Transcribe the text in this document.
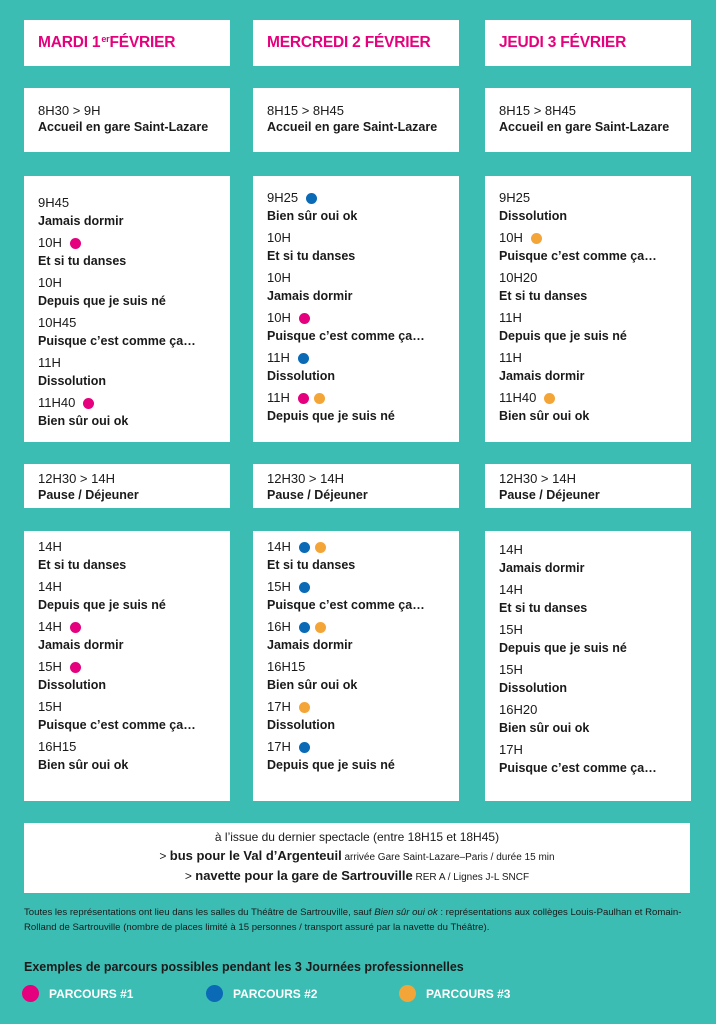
MARDI 1er FÉVRIER
8H30 > 9H
Accueil en gare Saint-Lazare
9H45
Jamais dormir
10H
Et si tu danses
10H
Depuis que je suis né
10H45
Puisque c’est comme ça…
11H
Dissolution
11H40
Bien sûr oui ok
12H30 > 14H
Pause / Déjeuner
14H
Et si tu danses
14H
Depuis que je suis né
14H
Jamais dormir
15H
Dissolution
15H
Puisque c’est comme ça…
16H15
Bien sûr oui ok
MERCREDI 2 FÉVRIER
8H15 > 8H45
Accueil en gare Saint-Lazare
9H25
Bien sûr oui ok
10H
Et si tu danses
10H
Jamais dormir
10H
Puisque c’est comme ça…
11H
Dissolution
11H
Depuis que je suis né
12H30 > 14H
Pause / Déjeuner
14H
Et si tu danses
15H
Puisque c’est comme ça…
16H
Jamais dormir
16H15
Bien sûr oui ok
17H
Dissolution
17H
Depuis que je suis né
JEUDI 3 FÉVRIER
8H15 > 8H45
Accueil en gare Saint-Lazare
9H25
Dissolution
10H
Puisque c’est comme ça…
10H20
Et si tu danses
11H
Depuis que je suis né
11H
Jamais dormir
11H40
Bien sûr oui ok
12H30 > 14H
Pause / Déjeuner
14H
Jamais dormir
14H
Et si tu danses
15H
Depuis que je suis né
15H
Dissolution
16H20
Bien sûr oui ok
17H
Puisque c’est comme ça…
à l’issue du dernier spectacle (entre 18H15 et 18H45)
> bus pour le Val d’Argenteuil arrivée Gare Saint-Lazare–Paris / durée 15 min
> navette pour la gare de Sartrouville RER A / Lignes J-L SNCF
Toutes les représentations ont lieu dans les salles du Théâtre de Sartrouville, sauf Bien sûr oui ok : représentations aux collèges Louis-Paulhan et Romain-Rolland de Sartrouville (nombre de places limité à 15 personnes / transport assuré par la navette du Théâtre).
Exemples de parcours possibles pendant les 3 Journées professionnelles
PARCOURS #1	PARCOURS #2	PARCOURS #3
